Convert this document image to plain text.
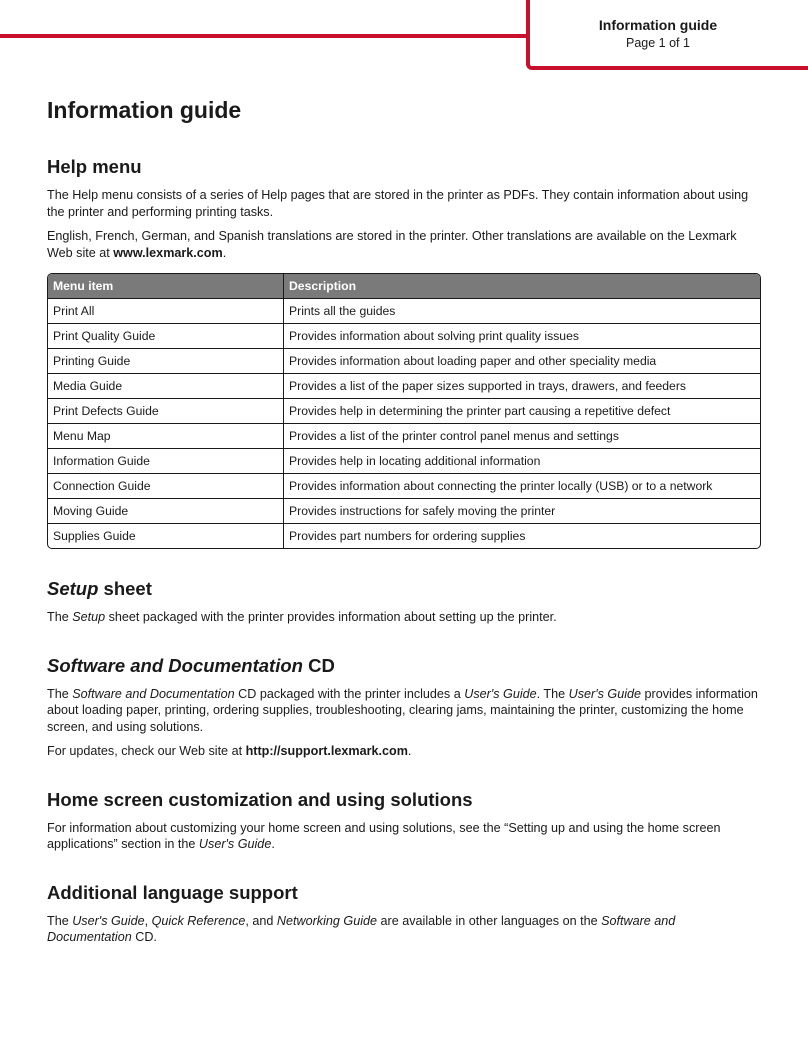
Information guide
Page 1 of 1
Information guide
Help menu

The Help menu consists of a series of Help pages that are stored in the printer as PDFs. They contain information about using the printer and performing printing tasks.

English, French, German, and Spanish translations are stored in the printer. Other translations are available on the Lexmark Web site at www.lexmark.com.

Menu item	Description
Print All	Prints all the guides
Print Quality Guide	Provides information about solving print quality issues
Printing Guide	Provides information about loading paper and other speciality media
Media Guide	Provides a list of the paper sizes supported in trays, drawers, and feeders
Print Defects Guide	Provides help in determining the printer part causing a repetitive defect
Menu Map	Provides a list of the printer control panel menus and settings
Information Guide	Provides help in locating additional information
Connection Guide	Provides information about connecting the printer locally (USB) or to a network
Moving Guide	Provides instructions for safely moving the printer
Supplies Guide	Provides part numbers for ordering supplies
Setup sheet

The Setup sheet packaged with the printer provides information about setting up the printer.

Software and Documentation CD

The Software and Documentation CD packaged with the printer includes a User's Guide. The User's Guide provides information about loading paper, printing, ordering supplies, troubleshooting, clearing jams, maintaining the printer, customizing the home screen, and using solutions.

For updates, check our Web site at http://support.lexmark.com.

Home screen customization and using solutions

For information about customizing your home screen and using solutions, see the “Setting up and using the home screen applications” section in the User's Guide.

Additional language support

The User's Guide, Quick Reference, and Networking Guide are available in other languages on the Software and Documentation CD.
